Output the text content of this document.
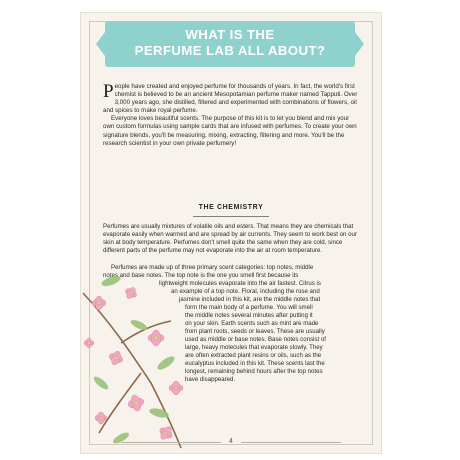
WHAT IS THE
PERFUME LAB ALL ABOUT?

People have created and enjoyed perfume for thousands of years. In fact, the world's first chemist is believed to be an ancient Mesopotamian perfume maker named Tapputi. Over 3,000 years ago, she distilled, filtered and experimented with combinations of flowers, oil and spices to make royal perfume.

Everyone loves beautiful scents. The purpose of this kit is to let you blend and mix your own custom formulas using sample cards that are infused with perfumes. To create your own signature blends, you'll be measuring, mixing, extracting, filtering and more. You'll be the research scientist in your own private perfumery!

THE CHEMISTRY

Perfumes are usually mixtures of volatile oils and esters. That means they are chemicals that evaporate easily when warmed and are spread by air currents. They seem to work best on our skin at body temperature. Perfumes don't smell quite the same when they are cold, since different parts of the perfume may not evaporate into the air at room temperature.

Perfumes are made up of three primary scent categories: top notes, middle
notes and base notes. The top note is the one you smell first because its
lightweight molecules evaporate into the air fastest. Citrus is
an example of a top note. Floral, including the rose and
jasmine included in this kit, are the middle notes that
form the main body of a perfume. You will smell
the middle notes several minutes after putting it
on your skin. Earth scents such as mint are made
from plant roots, seeds or leaves. These are usually
used as middle or base notes. Base notes consist of
large, heavy molecules that evaporate slowly. They
are often extracted plant resins or oils, such as the
eucalyptus included in this kit. These scents last the
longest, remaining behind hours after the top notes
have disappeared.
4
